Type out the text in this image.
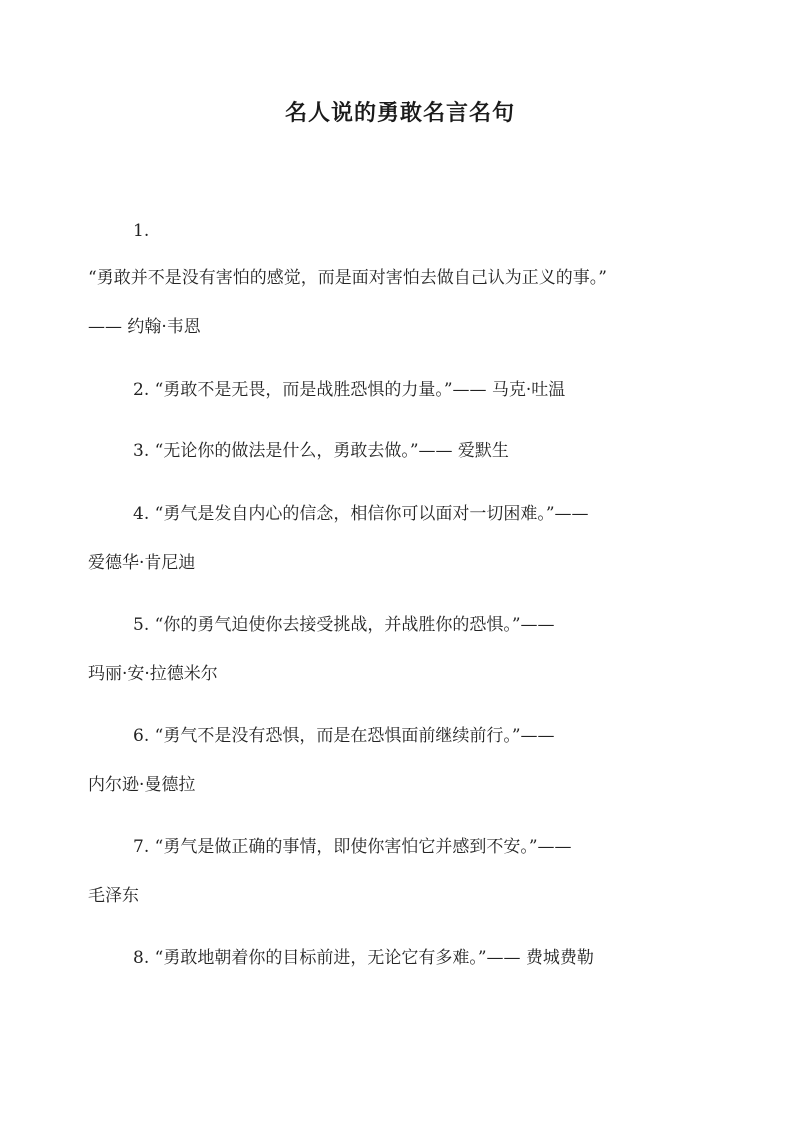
名人说的勇敢名言名句
1.
“勇敢并不是没有害怕的感觉，而是面对害怕去做自己认为正义的事。”
—— 约翰·韦恩
2. “勇敢不是无畏，而是战胜恐惧的力量。”—— 马克·吐温
3. “无论你的做法是什么，勇敢去做。”—— 爱默生
4. “勇气是发自内心的信念，相信你可以面对一切困难。”——
爱德华·肯尼迪
5. “你的勇气迫使你去接受挑战，并战胜你的恐惧。”——
玛丽·安·拉德米尔
6. “勇气不是没有恐惧，而是在恐惧面前继续前行。”——
内尔逊·曼德拉
7. “勇气是做正确的事情，即使你害怕它并感到不安。”——
毛泽东
8. “勇敢地朝着你的目标前进，无论它有多难。”—— 费城费勒
